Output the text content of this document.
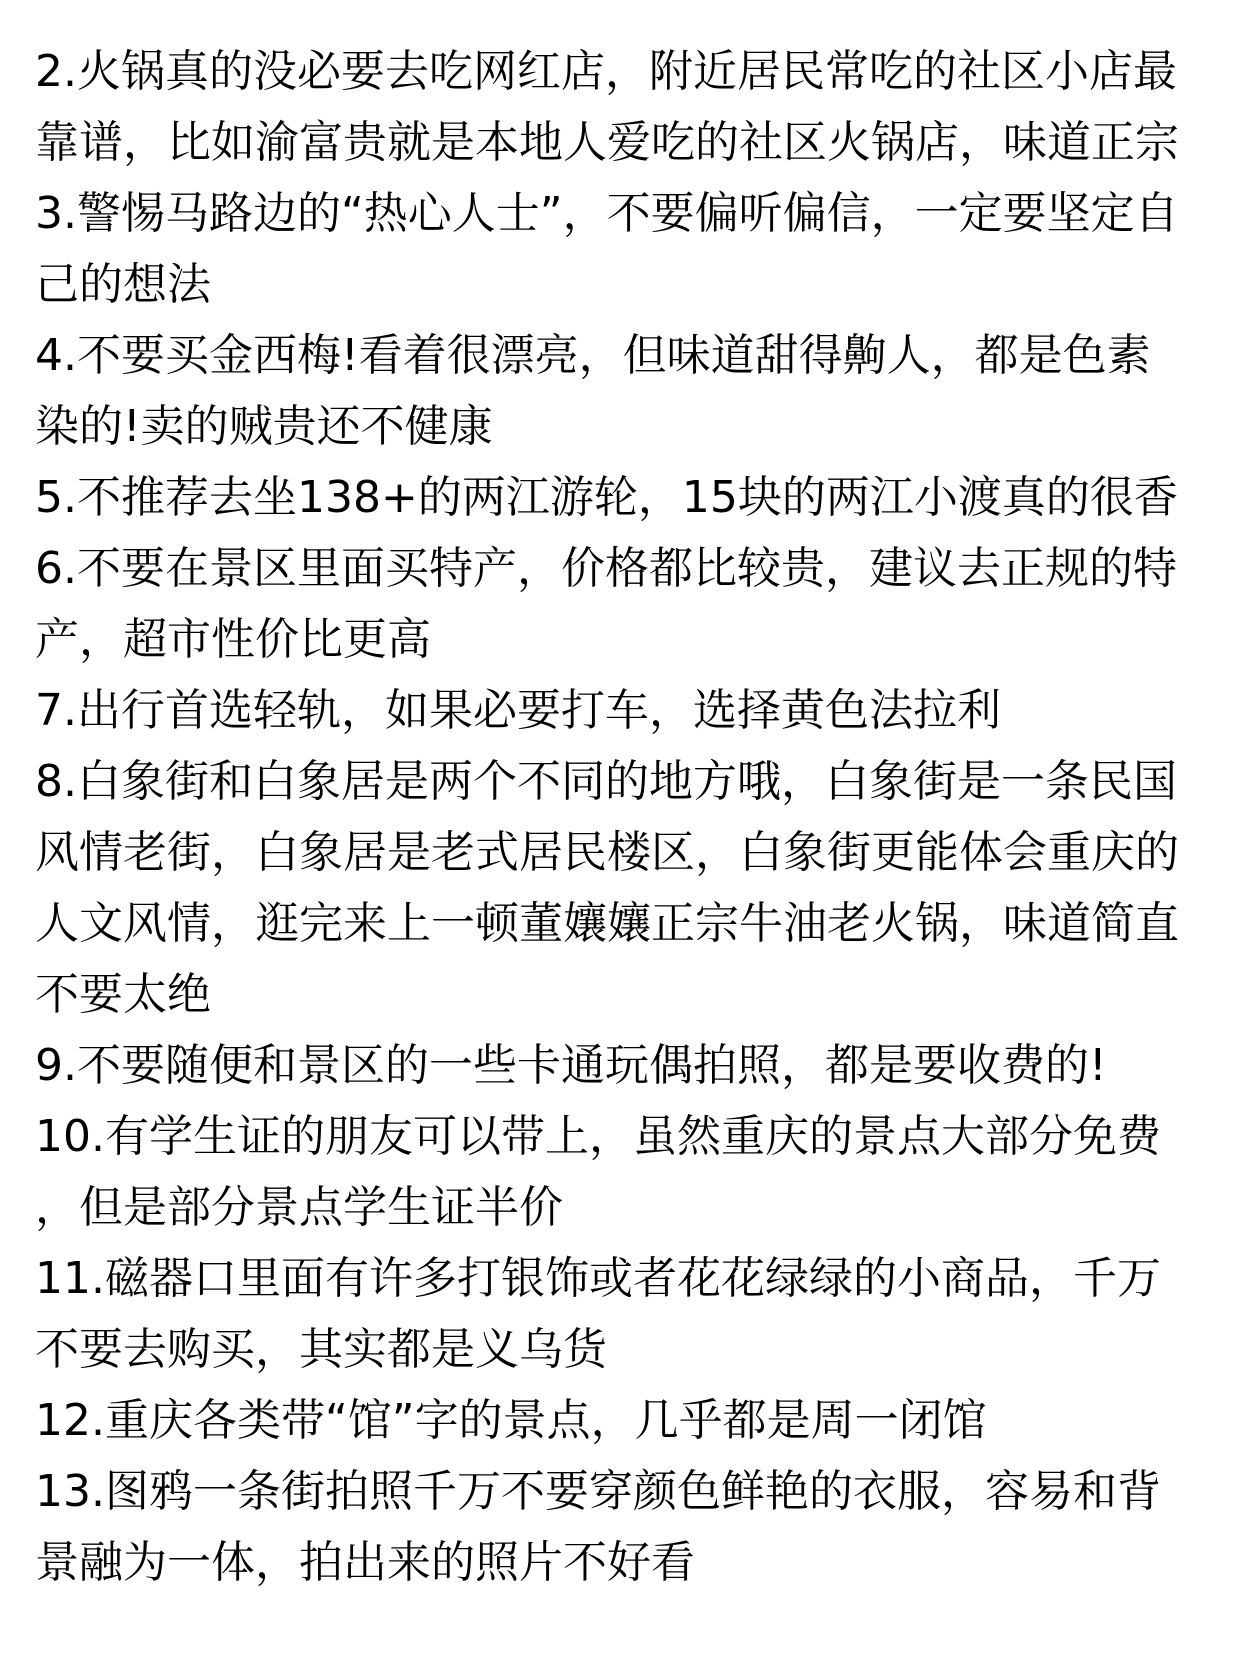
2.火锅真的没必要去吃网红店，附近居民常吃的社区小店最靠谱，比如渝富贵就是本地人爱吃的社区火锅店，味道正宗

3.警惕马路边的“热心人士”，不要偏听偏信，一定要坚定自己的想法

4.不要买金西梅!看着很漂亮，但味道甜得齁人，都是色素染的!卖的贼贵还不健康

5.不推荐去坐138+的两江游轮，15块的两江小渡真的很香

6.不要在景区里面买特产，价格都比较贵，建议去正规的特产，超市性价比更高

7.出行首选轻轨，如果必要打车，选择黄色法拉利

8.白象街和白象居是两个不同的地方哦，白象街是一条民国风情老街，白象居是老式居民楼区，白象街更能体会重庆的人文风情，逛完来上一顿董孃孃正宗牛油老火锅，味道简直不要太绝

9.不要随便和景区的一些卡通玩偶拍照，都是要收费的!

10.有学生证的朋友可以带上，虽然重庆的景点大部分免费，但是部分景点学生证半价

11.磁器口里面有许多打银饰或者花花绿绿的小商品，千万不要去购买，其实都是义乌货

12.重庆各类带“馆”字的景点，几乎都是周一闭馆

13.图鸦一条街拍照千万不要穿颜色鲜艳的衣服，容易和背景融为一体，拍出来的照片不好看
